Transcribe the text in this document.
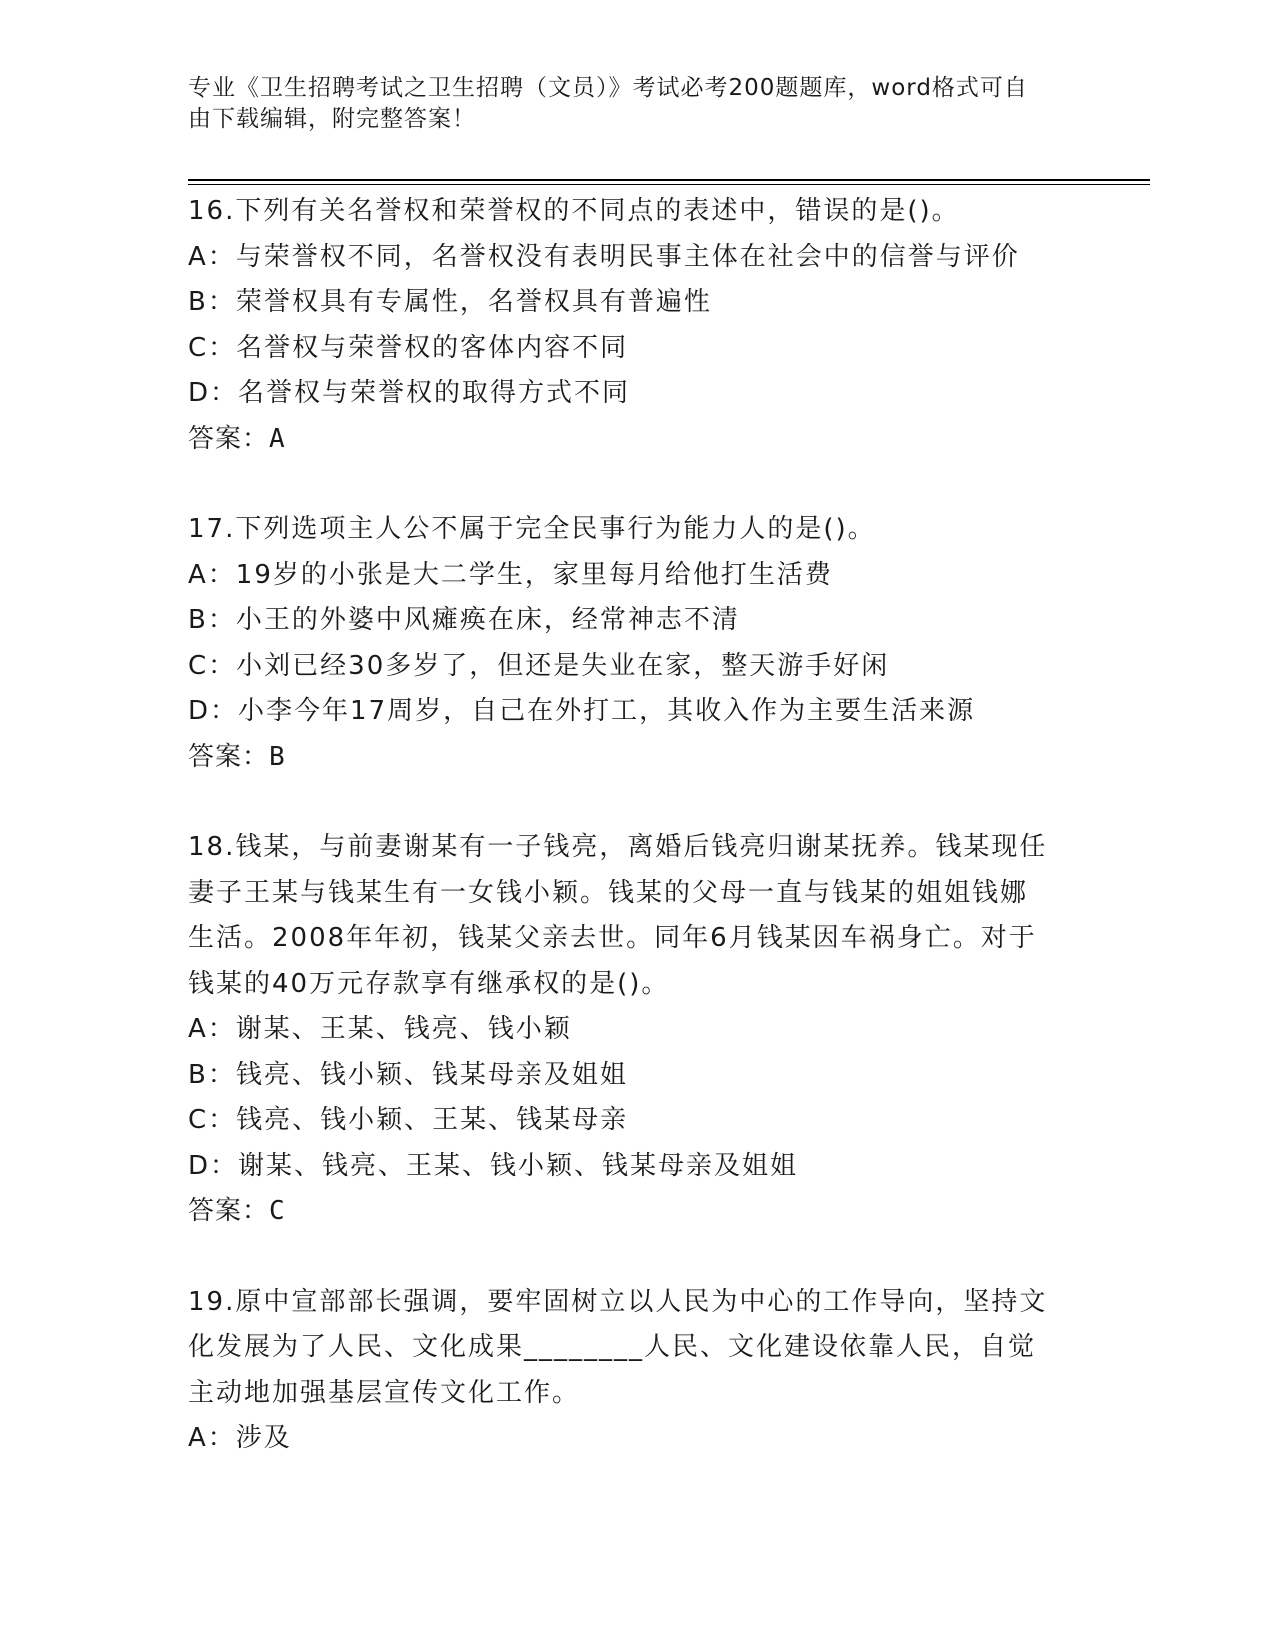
专业《卫生招聘考试之卫生招聘（文员）》考试必考200题题库，word格式可自
由下载编辑，附完整答案！
16.下列有关名誉权和荣誉权的不同点的表述中，错误的是()。
A：与荣誉权不同，名誉权没有表明民事主体在社会中的信誉与评价
B：荣誉权具有专属性，名誉权具有普遍性
C：名誉权与荣誉权的客体内容不同
D：名誉权与荣誉权的取得方式不同
答案：A
17.下列选项主人公不属于完全民事行为能力人的是()。
A：19岁的小张是大二学生，家里每月给他打生活费
B：小王的外婆中风瘫痪在床，经常神志不清
C：小刘已经30多岁了，但还是失业在家，整天游手好闲
D：小李今年17周岁，自己在外打工，其收入作为主要生活来源
答案：B
18.钱某，与前妻谢某有一子钱亮，离婚后钱亮归谢某抚养。钱某现任
妻子王某与钱某生有一女钱小颖。钱某的父母一直与钱某的姐姐钱娜
生活。2008年年初，钱某父亲去世。同年6月钱某因车祸身亡。对于
钱某的40万元存款享有继承权的是()。
A：谢某、王某、钱亮、钱小颖
B：钱亮、钱小颖、钱某母亲及姐姐
C：钱亮、钱小颖、王某、钱某母亲
D：谢某、钱亮、王某、钱小颖、钱某母亲及姐姐
答案：C
19.原中宣部部长强调，要牢固树立以人民为中心的工作导向，坚持文
化发展为了人民、文化成果________人民、文化建设依靠人民，自觉
主动地加强基层宣传文化工作。
A：涉及
